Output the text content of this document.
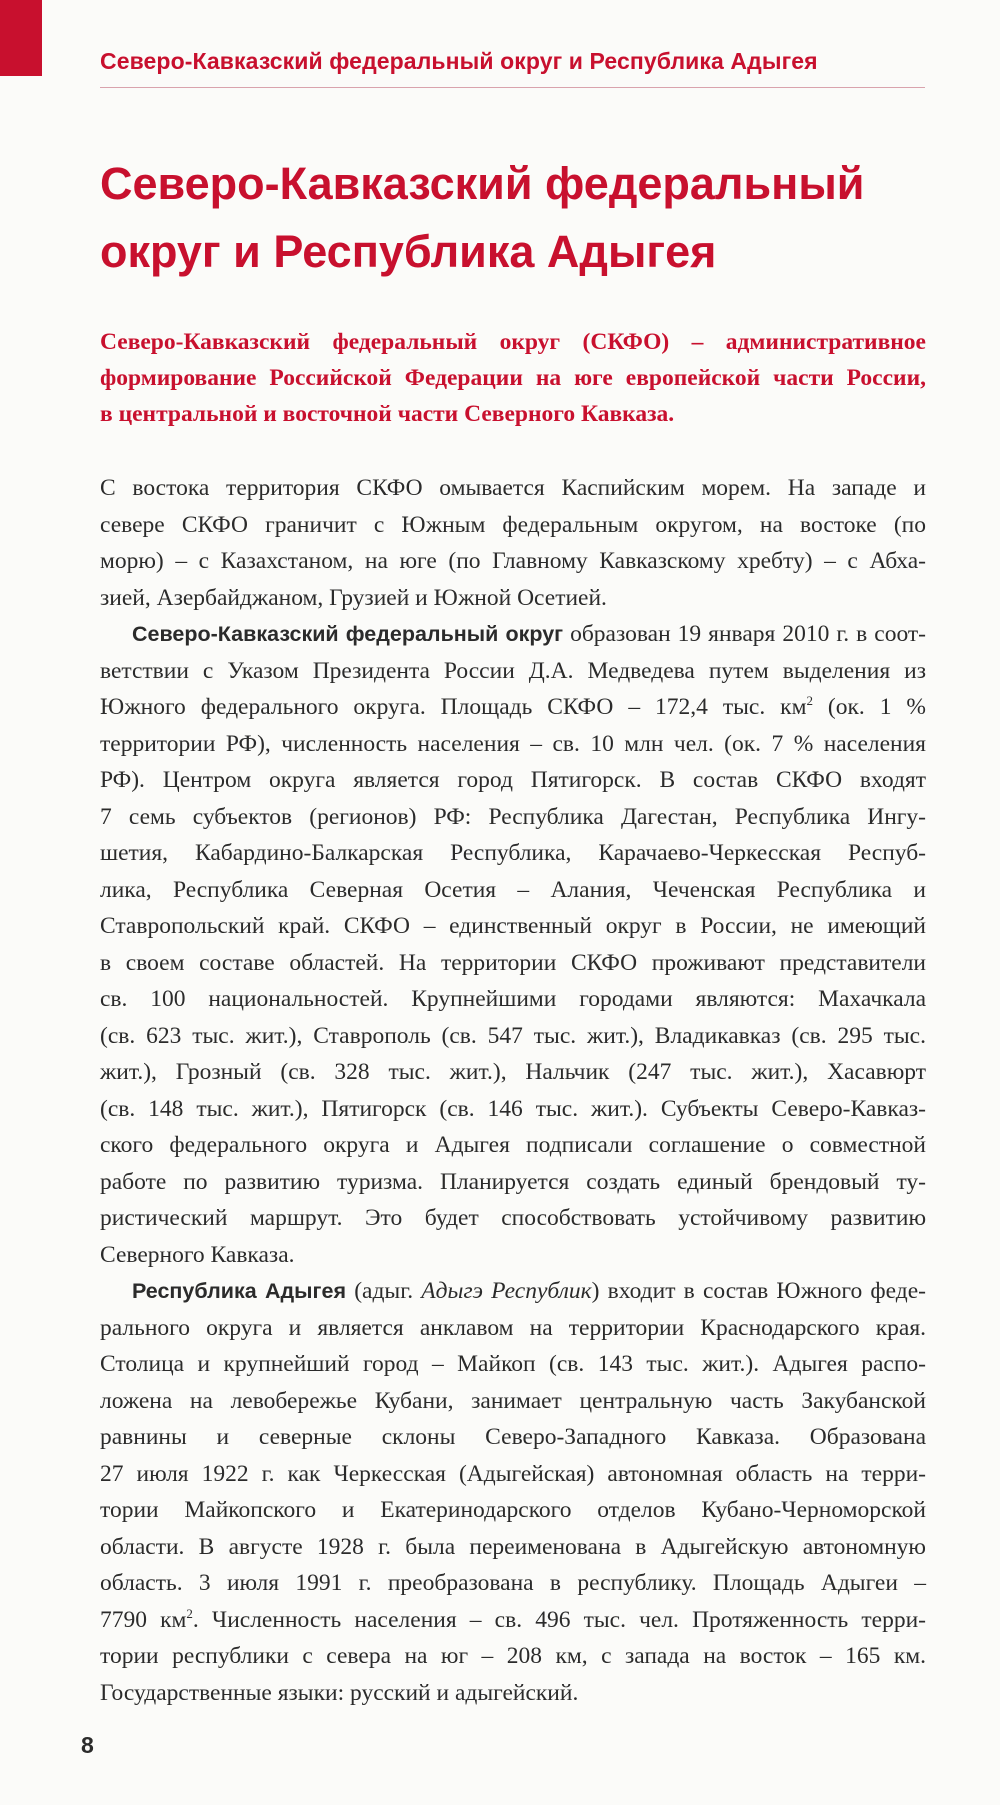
Северо-Кавказский федеральный округ и Республика Адыгея
Северо-Кавказский федеральный
округ и Республика Адыгея

Северо-Кавказский федеральный округ (СКФО) – административное
формирование Российской Федерации на юге европейской части России,
в центральной и восточной части Северного Кавказа.

С востока территория СКФО омывается Каспийским морем. На западе и
севере СКФО граничит с Южным федеральным округом, на востоке (по
морю) – с Казахстаном, на юге (по Главному Кавказскому хребту) – с Абха-
зией, Азербайджаном, Грузией и Южной Осетией.
Северо-Кавказский федеральный округ образован 19 января 2010 г. в соот-
ветствии с Указом Президента России Д.А. Медведева путем выделения из
Южного федерального округа. Площадь СКФО – 172,4 тыс. $км^2$ (ок. 1 %
территории РФ), численность населения – св. 10 млн чел. (ок. 7 % населения
РФ). Центром округа является город Пятигорск. В состав СКФО входят
7 семь субъектов (регионов) РФ: Республика Дагестан, Республика Ингу-
шетия, Кабардино-Балкарская Республика, Карачаево-Черкесская Респуб-
лика, Республика Северная Осетия – Алания, Чеченская Республика и
Ставропольский край. СКФО – единственный округ в России, не имеющий
в своем составе областей. На территории СКФО проживают представители
св. 100 национальностей. Крупнейшими городами являются: Махачкала
(св. 623 тыс. жит.), Ставрополь (св. 547 тыс. жит.), Владикавказ (св. 295 тыс.
жит.), Грозный (св. 328 тыс. жит.), Нальчик (247 тыс. жит.), Хасавюрт
(св. 148 тыс. жит.), Пятигорск (св. 146 тыс. жит.). Субъекты Северо-Кавказ-
ского федерального округа и Адыгея подписали соглашение о совместной
работе по развитию туризма. Планируется создать единый брендовый ту-
ристический маршрут. Это будет способствовать устойчивому развитию
Северного Кавказа.
Республика Адыгея (адыг. Адыгэ Республик) входит в состав Южного феде-
рального округа и является анклавом на территории Краснодарского края.
Столица и крупнейший город – Майкоп (св. 143 тыс. жит.). Адыгея распо-
ложена на левобережье Кубани, занимает центральную часть Закубанской
равнины и северные склоны Северо-Западного Кавказа. Образована
27 июля 1922 г. как Черкесская (Адыгейская) автономная область на терри-
тории Майкопского и Екатеринодарского отделов Кубано-Черноморской
области. В августе 1928 г. была переименована в Адыгейскую автономную
область. 3 июля 1991 г. преобразована в республику. Площадь Адыгеи –
7790 $км^2$. Численность населения – св. 496 тыс. чел. Протяженность терри-
тории республики с севера на юг – 208 км, с запада на восток – 165 км.
Государственные языки: русский и адыгейский.
8
